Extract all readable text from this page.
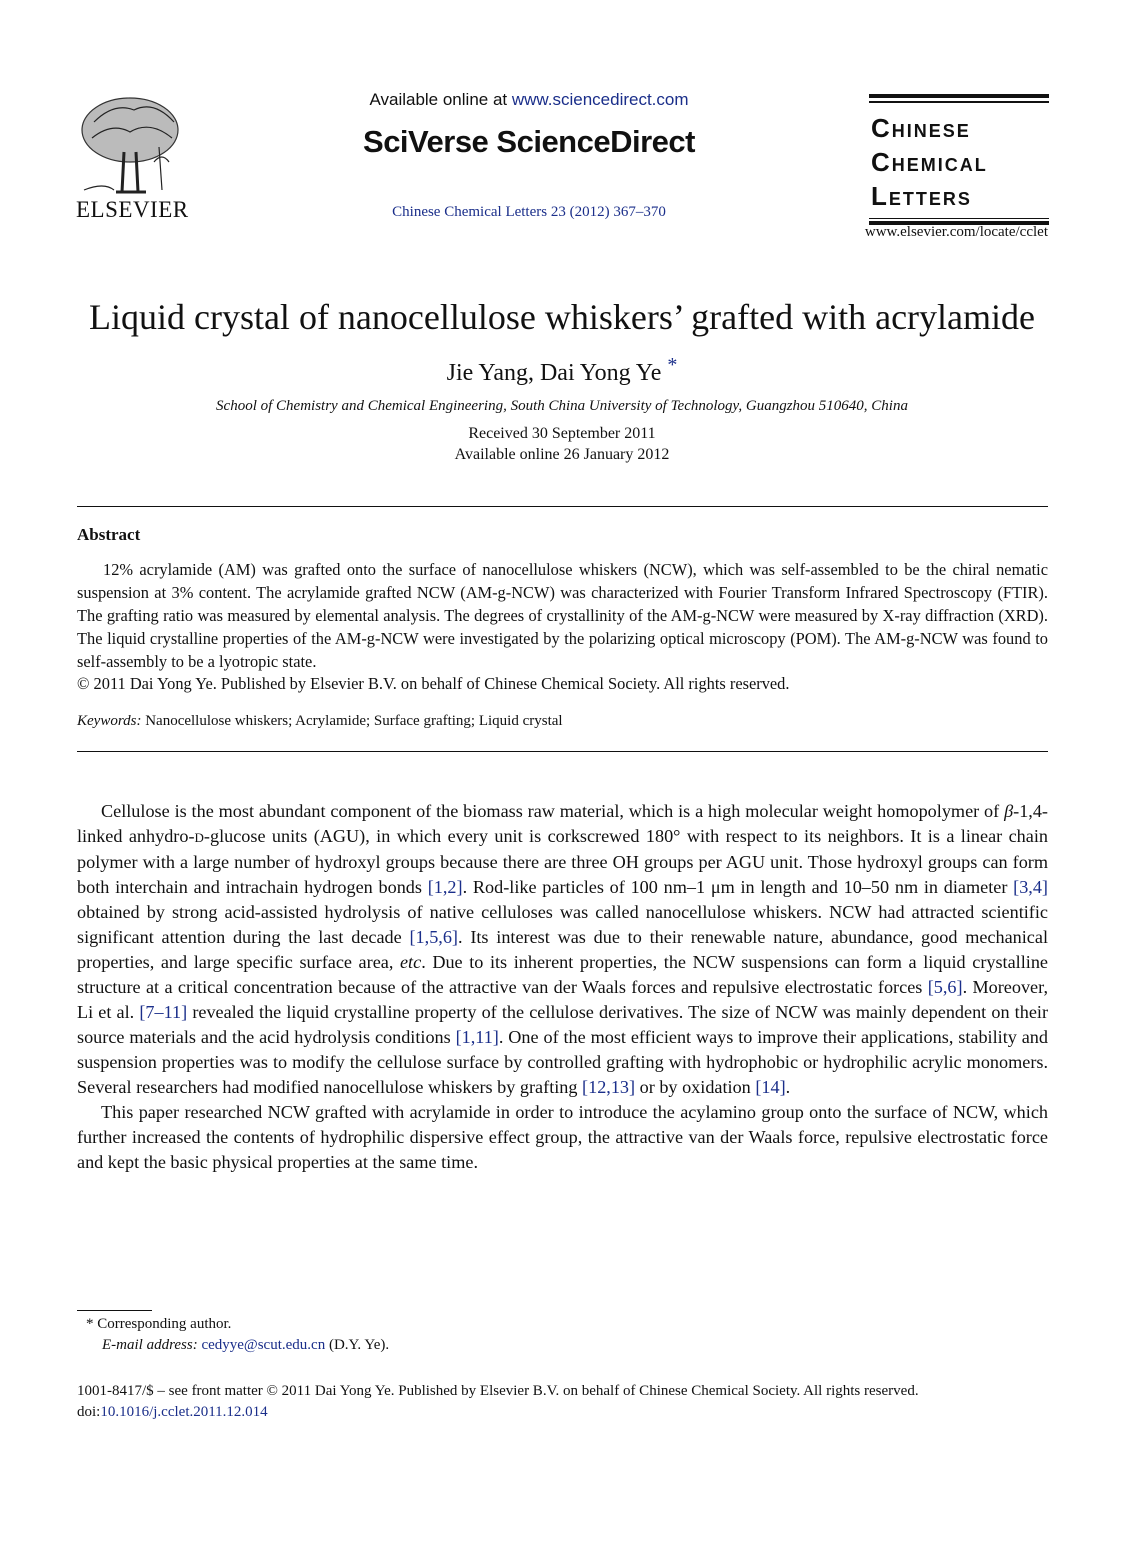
ELSEVIER
Available online at www.sciencedirect.com
SciVerse ScienceDirect
Chinese Chemical Letters 23 (2012) 367–370
Chinese
Chemical
Letters
www.elsevier.com/locate/cclet
Liquid crystal of nanocellulose whiskers’ grafted with acrylamide
Jie Yang, Dai Yong Ye *
School of Chemistry and Chemical Engineering, South China University of Technology, Guangzhou 510640, China
Received 30 September 2011
Available online 26 January 2012
Abstract

12% acrylamide (AM) was grafted onto the surface of nanocellulose whiskers (NCW), which was self-assembled to be the chiral nematic suspension at 3% content. The acrylamide grafted NCW (AM-g-NCW) was characterized with Fourier Transform Infrared Spectroscopy (FTIR). The grafting ratio was measured by elemental analysis. The degrees of crystallinity of the AM-g-NCW were measured by X-ray diffraction (XRD). The liquid crystalline properties of the AM-g-NCW were investigated by the polarizing optical microscopy (POM). The AM-g-NCW was found to self-assembly to be a lyotropic state.

© 2011 Dai Yong Ye. Published by Elsevier B.V. on behalf of Chinese Chemical Society. All rights reserved.
Keywords: Nanocellulose whiskers; Acrylamide; Surface grafting; Liquid crystal

Cellulose is the most abundant component of the biomass raw material, which is a high molecular weight homopolymer of β-1,4-linked anhydro-D-glucose units (AGU), in which every unit is corkscrewed 180° with respect to its neighbors. It is a linear chain polymer with a large number of hydroxyl groups because there are three OH groups per AGU unit. Those hydroxyl groups can form both interchain and intrachain hydrogen bonds [1,2]. Rod-like particles of 100 nm–1 μm in length and 10–50 nm in diameter [3,4] obtained by strong acid-assisted hydrolysis of native celluloses was called nanocellulose whiskers. NCW had attracted scientific significant attention during the last decade [1,5,6]. Its interest was due to their renewable nature, abundance, good mechanical properties, and large specific surface area, etc. Due to its inherent properties, the NCW suspensions can form a liquid crystalline structure at a critical concentration because of the attractive van der Waals forces and repulsive electrostatic forces [5,6]. Moreover, Li et al. [7–11] revealed the liquid crystalline property of the cellulose derivatives. The size of NCW was mainly dependent on their source materials and the acid hydrolysis conditions [1,11]. One of the most efficient ways to improve their applications, stability and suspension properties was to modify the cellulose surface by controlled grafting with hydrophobic or hydrophilic acrylic monomers. Several researchers had modified nanocellulose whiskers by grafting [12,13] or by oxidation [14].

This paper researched NCW grafted with acrylamide in order to introduce the acylamino group onto the surface of NCW, which further increased the contents of hydrophilic dispersive effect group, the attractive van der Waals force, repulsive electrostatic force and kept the basic physical properties at the same time.

* Corresponding author.
E-mail address: cedyye@scut.edu.cn (D.Y. Ye).
1001-8417/$ – see front matter © 2011 Dai Yong Ye. Published by Elsevier B.V. on behalf of Chinese Chemical Society. All rights reserved.
doi:10.1016/j.cclet.2011.12.014
